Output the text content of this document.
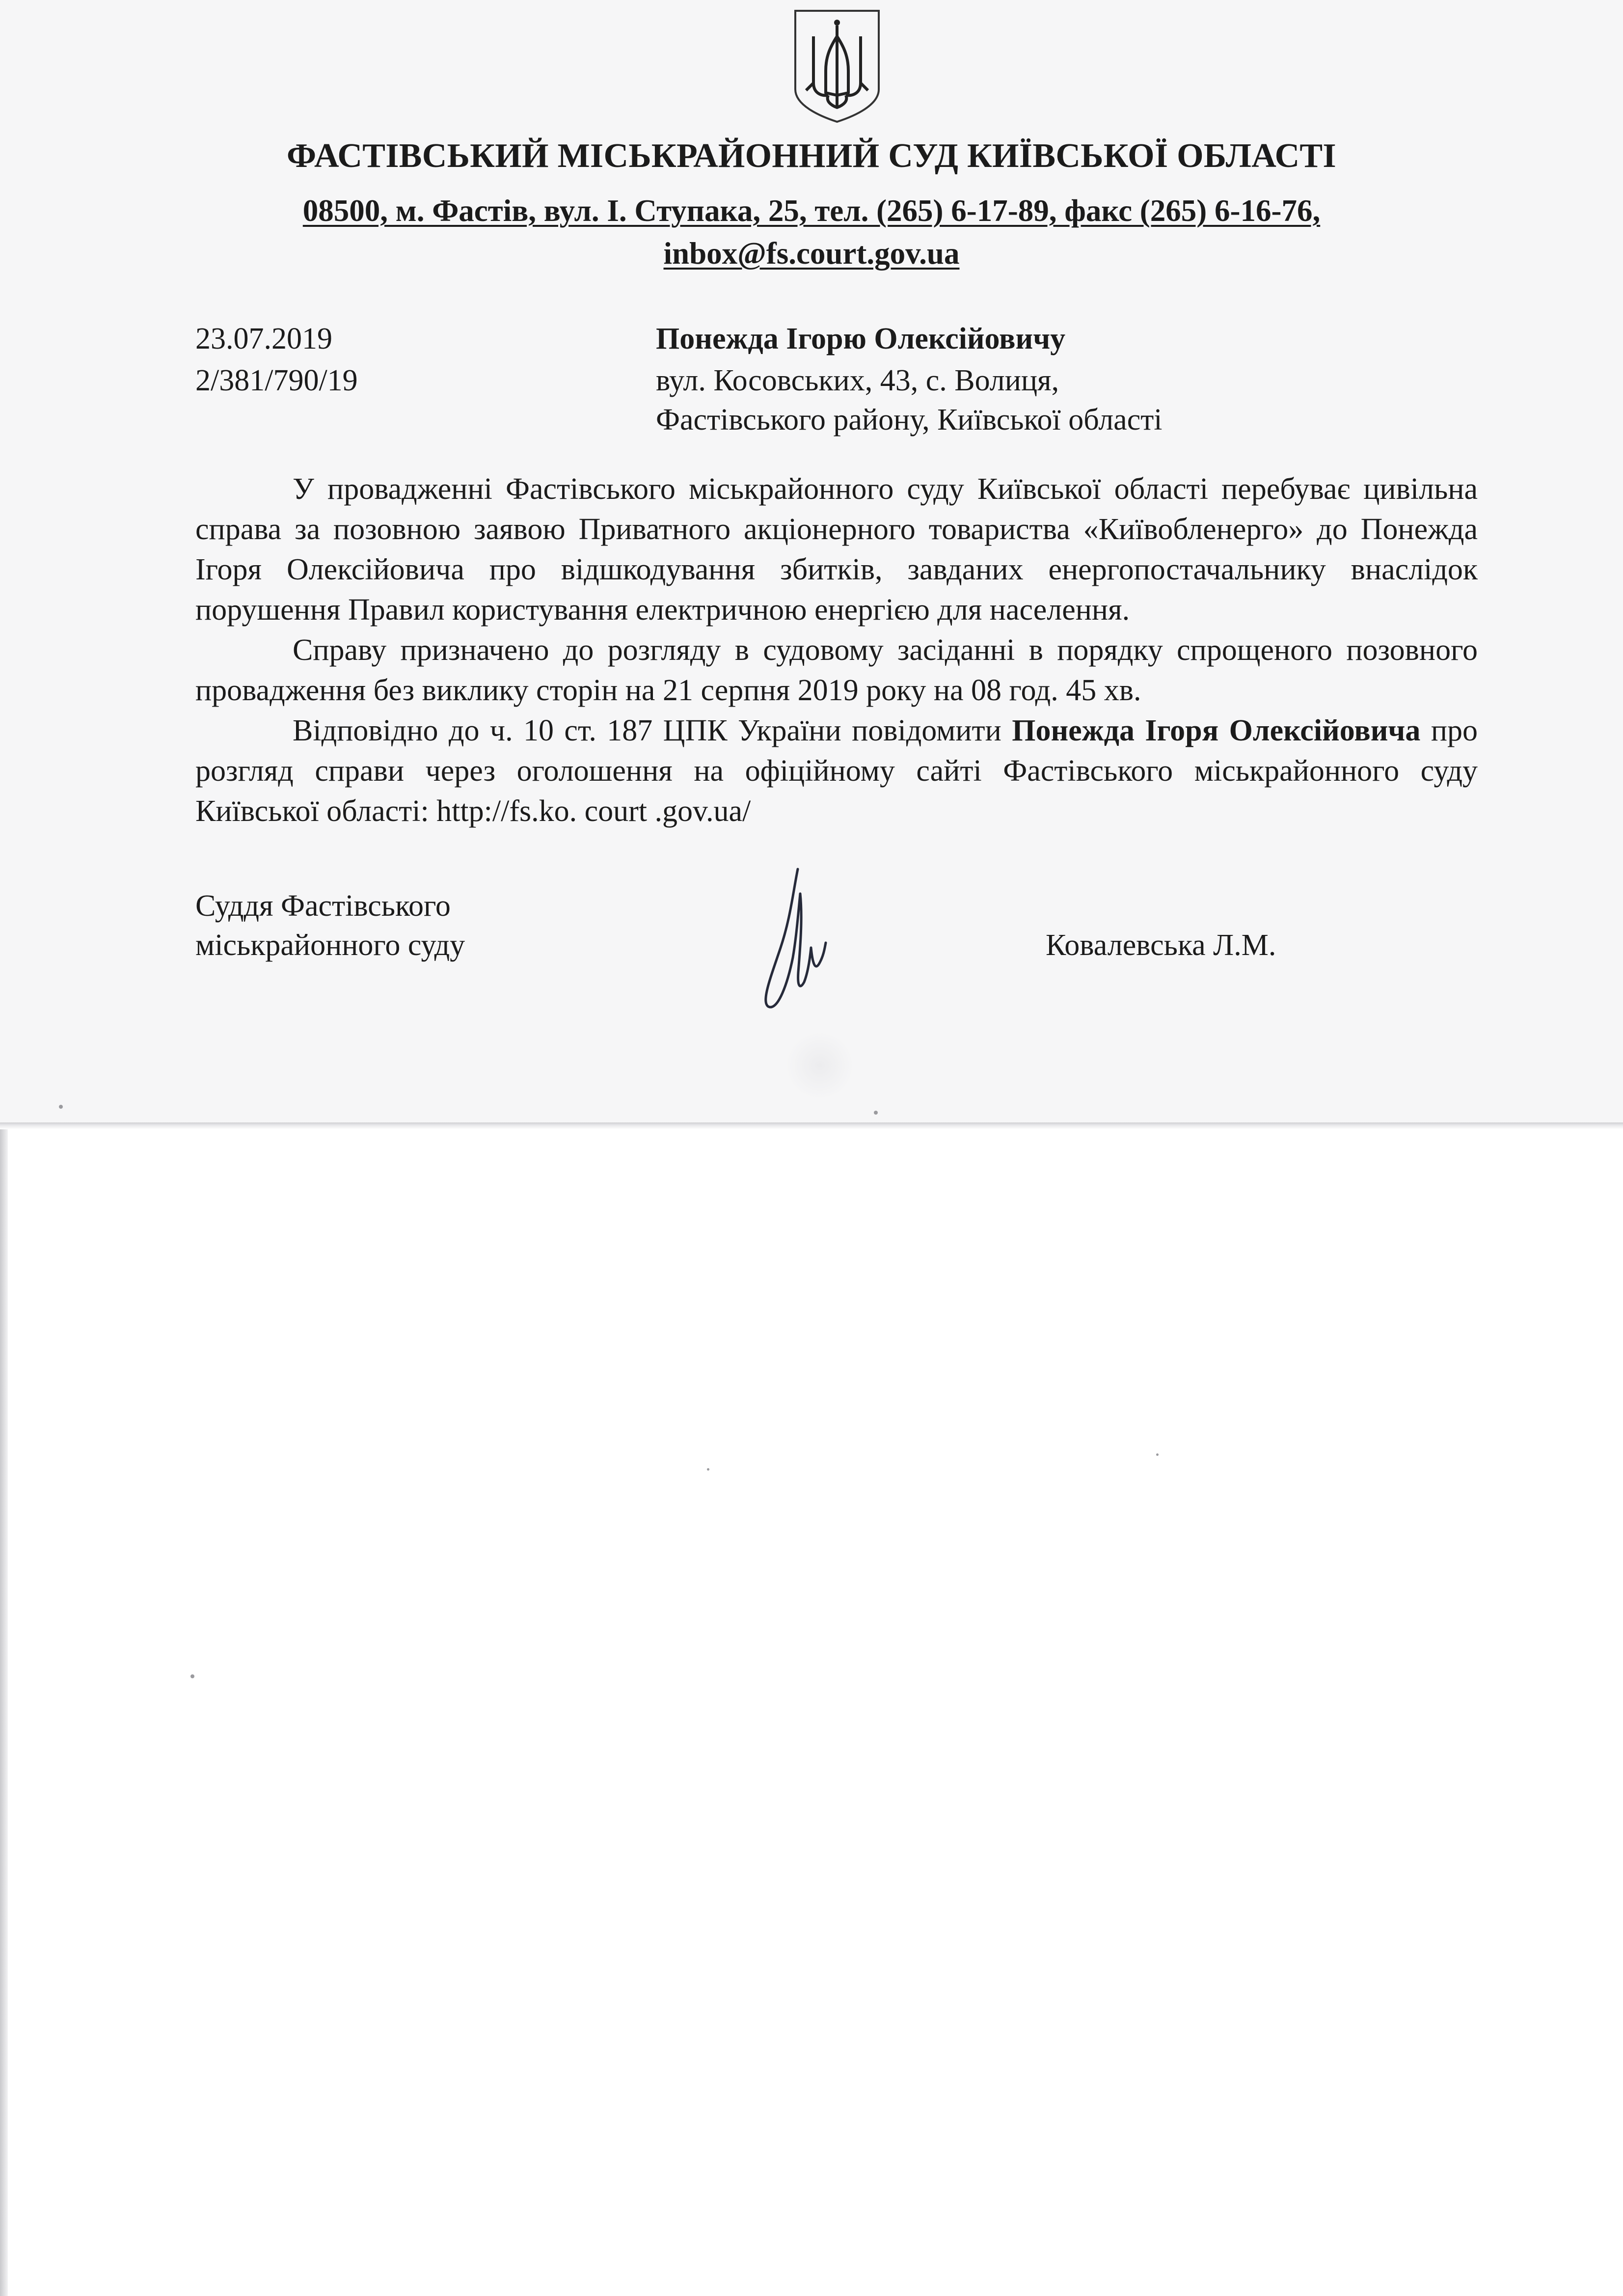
ФАСТІВСЬКИЙ МІСЬКРАЙОННИЙ СУД КИЇВСЬКОЇ ОБЛАСТІ
08500, м. Фастів, вул. І. Ступака, 25, тел. (265) 6-17-89, факс (265) 6-16-76,
inbox@fs.court.gov.ua
23.07.2019
2/381/790/19
Понежда Ігорю Олексійовичу
вул. Косовських, 43, с. Волиця,
Фастівського району, Київської області

У провадженні Фастівського міськрайонного суду Київської області перебуває цивільна справа за позовною заявою Приватного акціонерного товариства «Київобленерго» до Понежда Ігоря Олексійовича про відшкодування збитків, завданих енергопостачальнику внаслідок порушення Правил користування електричною енергією для населення.

Справу призначено до розгляду в судовому засіданні в порядку спрощеного позовного провадження без виклику сторін на 21 серпня 2019 року на 08 год. 45 хв.

Відповідно до ч. 10 ст. 187 ЦПК України повідомити Понежда Ігоря Олексійовича про розгляд справи через оголошення на офіційному сайті Фастівського міськрайонного суду Київської області: http://fs.ko. court .gov.ua/

Суддя Фастівського
міськрайонного суду	Ковалевська Л.М.
